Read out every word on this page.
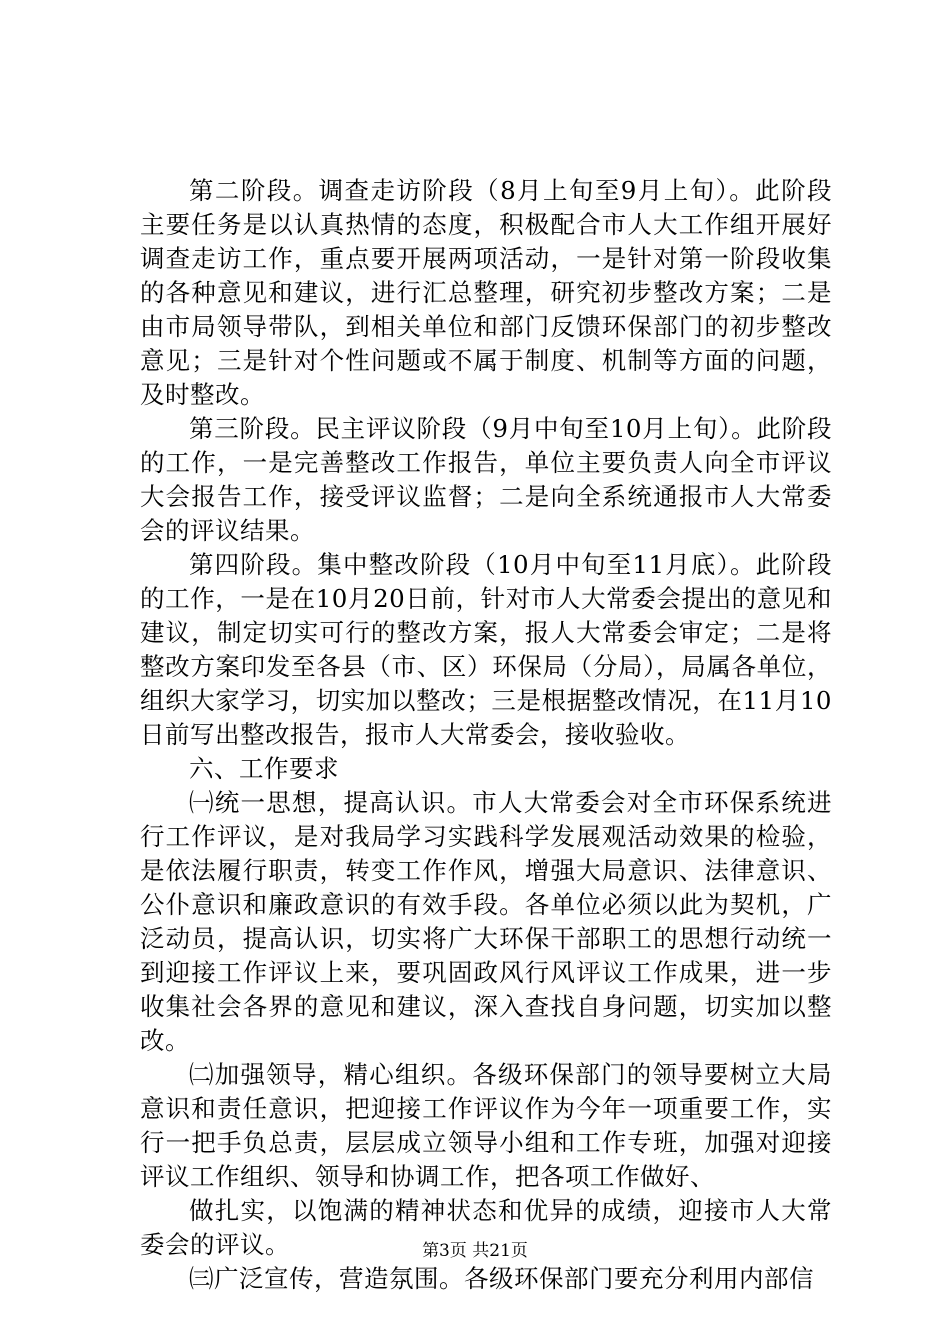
第二阶段。调查走访阶段（8月上旬至9月上旬）。此阶段主要任务是以认真热情的态度，积极配合市人大工作组开展好调查走访工作，重点要开展两项活动，一是针对第一阶段收集的各种意见和建议，进行汇总整理，研究初步整改方案；二是由市局领导带队，到相关单位和部门反馈环保部门的初步整改意见；三是针对个性问题或不属于制度、机制等方面的问题，及时整改。

第三阶段。民主评议阶段（9月中旬至10月上旬）。此阶段的工作，一是完善整改工作报告，单位主要负责人向全市评议大会报告工作，接受评议监督；二是向全系统通报市人大常委会的评议结果。

第四阶段。集中整改阶段（10月中旬至11月底）。此阶段的工作，一是在10月20日前，针对市人大常委会提出的意见和建议，制定切实可行的整改方案，报人大常委会审定；二是将整改方案印发至各县（市、区）环保局（分局），局属各单位，组织大家学习，切实加以整改；三是根据整改情况，在11月10日前写出整改报告，报市人大常委会，接收验收。

六、工作要求

㈠统一思想，提高认识。市人大常委会对全市环保系统进行工作评议，是对我局学习实践科学发展观活动效果的检验，是依法履行职责，转变工作作风，增强大局意识、法律意识、公仆意识和廉政意识的有效手段。各单位必须以此为契机，广泛动员，提高认识，切实将广大环保干部职工的思想行动统一到迎接工作评议上来，要巩固政风行风评议工作成果，进一步收集社会各界的意见和建议，深入查找自身问题，切实加以整改。

㈡加强领导，精心组织。各级环保部门的领导要树立大局意识和责任意识，把迎接工作评议作为今年一项重要工作，实行一把手负总责，层层成立领导小组和工作专班，加强对迎接评议工作组织、领导和协调工作，把各项工作做好、

做扎实，以饱满的精神状态和优异的成绩，迎接市人大常委会的评议。

㈢广泛宣传，营造氛围。各级环保部门要充分利用内部信

第3页 共21页
